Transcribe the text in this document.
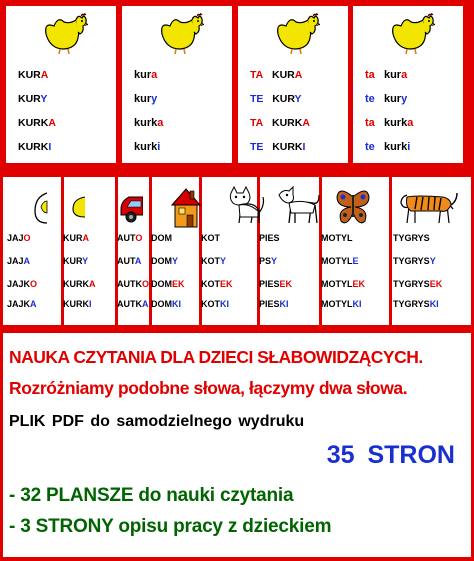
KURA
KURY
KURKA
KURKI
kura
kury
kurka
kurki
TA KURA
TE KURY
TA KURKA
TE KURKI
ta kura
te kury
ta kurka
te kurki
JAJO
JAJA
JAJKO
JAJKA
KURA
KURY
KURKA
KURKI
AUTO
AUTA
AUTKO
AUTKA
DOM
DOMY
DOMEK
DOMKI
KOT
KOTY
KOTEK
KOTKI
PIES
PSY
PIESEK
PIESKI
MOTYL
MOTYLE
MOTYLEK
MOTYLKI
TYGRYS
TYGRYSY
TYGRYSEK
TYGRYSKI
NAUKA CZYTANIA DLA DZIECI SŁABOWIDZĄCYCH.
Rozróżniamy podobne słowa, łączymy dwa słowa.
PLIK PDF do samodzielnego wydruku
35 STRON
- 32 PLANSZE do nauki czytania
- 3 STRONY opisu pracy z dzieckiem
